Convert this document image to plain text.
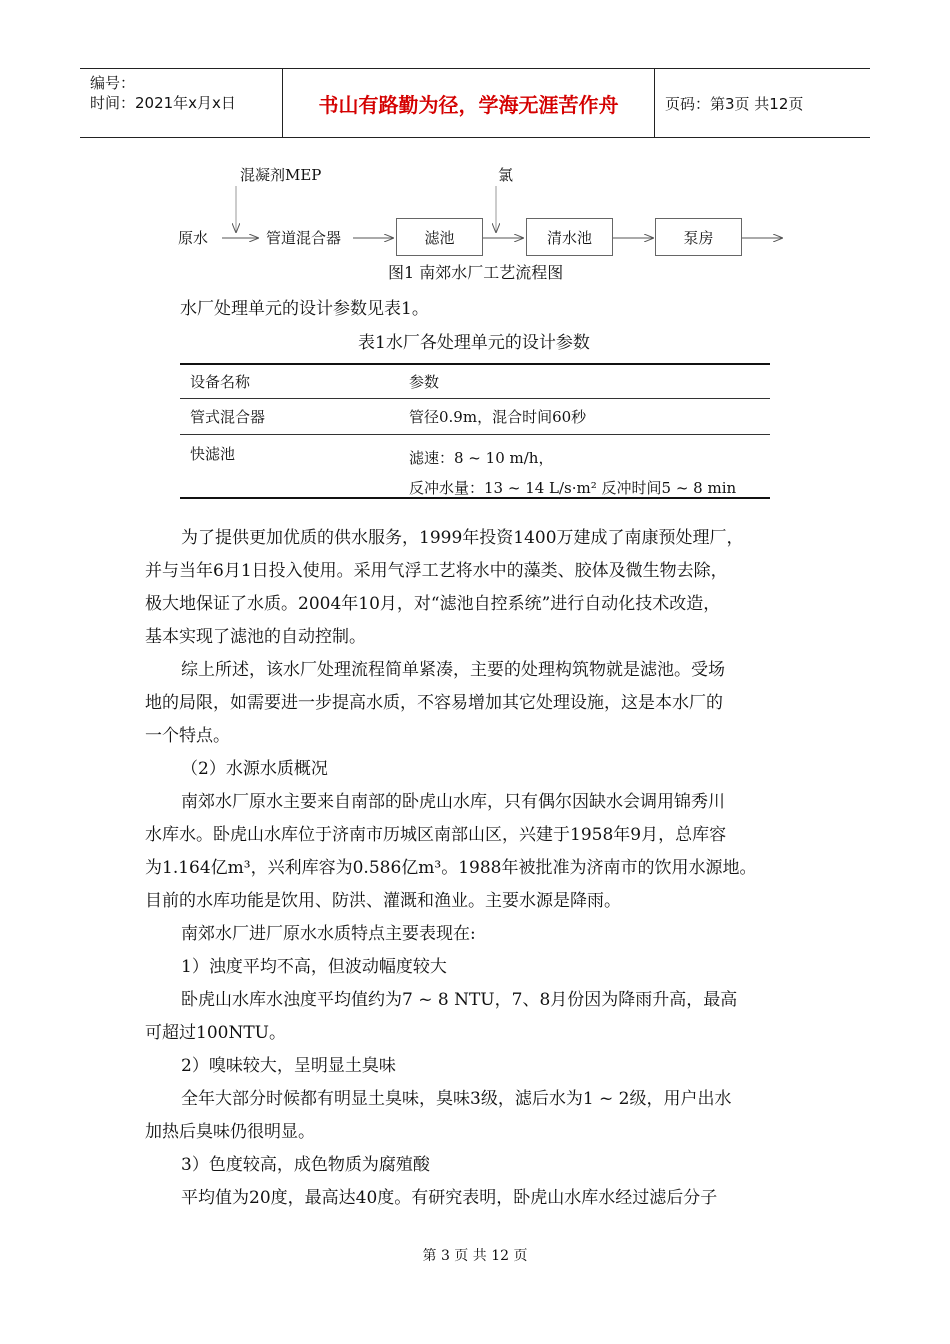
编号：
时间：2021年x月x日	书山有路勤为径，学海无涯苦作舟	页码：第3页 共12页
混凝剂MEP	氯
原水	管道混合器	滤池	清水池	泵房
图1 南郊水厂工艺流程图
水厂处理单元的设计参数见表1。
表1水厂各处理单元的设计参数
设备名称	参数
管式混合器	管径0.9m，混合时间60秒
快滤池	滤速：8 ~ 10 m/h，
反冲水量：13 ~ 14 L/s·m² 反冲时间5 ~ 8 min

为了提供更加优质的供水服务，1999年投资1400万建成了南康预处理厂，
并与当年6月1日投入使用。采用气浮工艺将水中的藻类、胶体及微生物去除，
极大地保证了水质。2004年10月，对“滤池自控系统”进行自动化技术改造，
基本实现了滤池的自动控制。

综上所述，该水厂处理流程简单紧凑，主要的处理构筑物就是滤池。受场
地的局限，如需要进一步提高水质，不容易增加其它处理设施，这是本水厂的
一个特点。

（2）水源水质概况

南郊水厂原水主要来自南部的卧虎山水库，只有偶尔因缺水会调用锦秀川
水库水。卧虎山水库位于济南市历城区南部山区，兴建于1958年9月，总库容
为1.164亿m³，兴利库容为0.586亿m³。1988年被批准为济南市的饮用水源地。
目前的水库功能是饮用、防洪、灌溉和渔业。主要水源是降雨。

南郊水厂进厂原水水质特点主要表现在:

1）浊度平均不高，但波动幅度较大

卧虎山水库水浊度平均值约为7 ~ 8 NTU，7、8月份因为降雨升高，最高
可超过100NTU。

2）嗅味较大，呈明显土臭味

全年大部分时候都有明显土臭味，臭味3级，滤后水为1 ~ 2级，用户出水
加热后臭味仍很明显。

3）色度较高，成色物质为腐殖酸

平均值为20度，最高达40度。有研究表明，卧虎山水库水经过滤后分子

第 3 页 共 12 页
